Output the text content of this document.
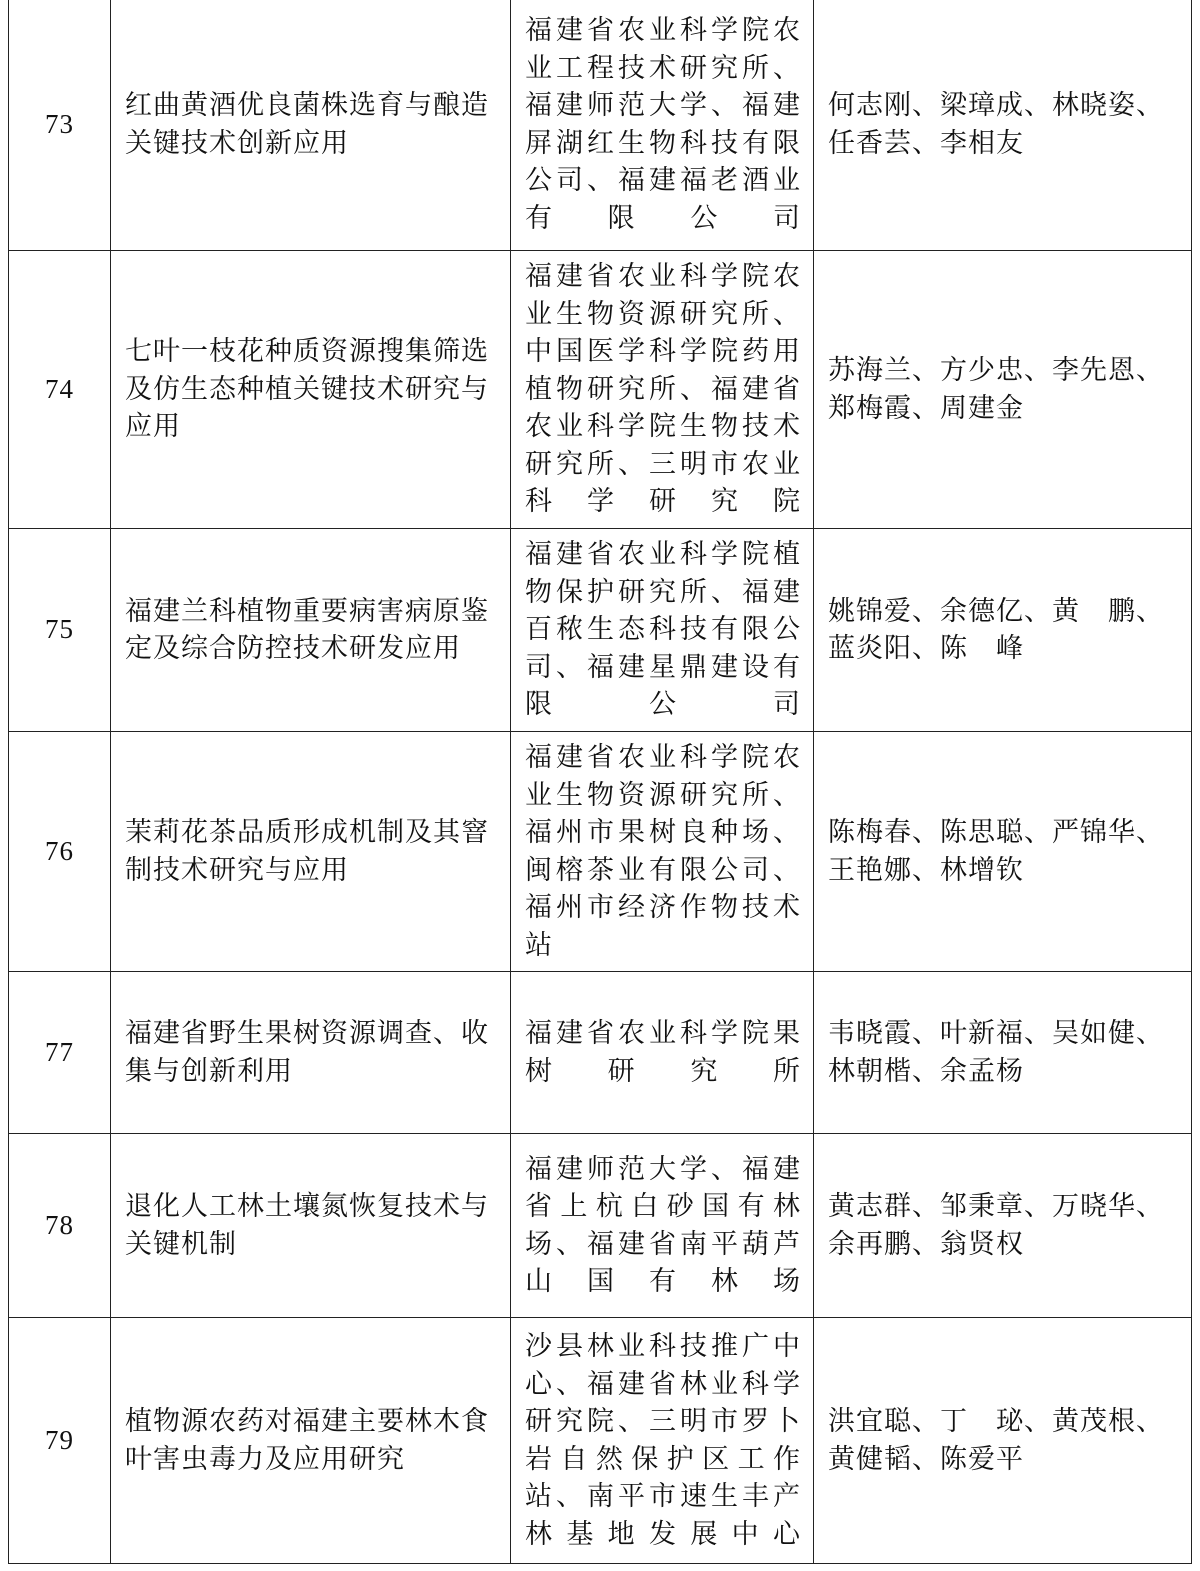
73	红曲黄酒优良菌株选育与酿造关键技术创新应用	福建省农业科学院农业工程技术研究所、福建师范大学、福建屏湖红生物科技有限公司、福建福老酒业有限公司	何志刚、梁璋成、林晓姿、任香芸、李相友
74	七叶一枝花种质资源搜集筛选及仿生态种植关键技术研究与应用	福建省农业科学院农业生物资源研究所、中国医学科学院药用植物研究所、福建省农业科学院生物技术研究所、三明市农业科学研究院	苏海兰、方少忠、李先恩、郑梅霞、周建金
75	福建兰科植物重要病害病原鉴定及综合防控技术研发应用	福建省农业科学院植物保护研究所、福建百秾生态科技有限公司、福建星鼎建设有限公司	姚锦爱、余德亿、黄　鹏、蓝炎阳、陈　峰
76	茉莉花茶品质形成机制及其窨制技术研究与应用	福建省农业科学院农业生物资源研究所、福州市果树良种场、闽榕茶业有限公司、福州市经济作物技术站	陈梅春、陈思聪、严锦华、王艳娜、林增钦
77	福建省野生果树资源调查、收集与创新利用	福建省农业科学院果树研究所	韦晓霞、叶新福、吴如健、林朝楷、余孟杨
78	退化人工林土壤氮恢复技术与关键机制	福建师范大学、福建省上杭白砂国有林场、福建省南平葫芦山国有林场	黄志群、邹秉章、万晓华、余再鹏、翁贤权
79	植物源农药对福建主要林木食叶害虫毒力及应用研究	沙县林业科技推广中心、福建省林业科学研究院、三明市罗卜岩自然保护区工作站、南平市速生丰产林基地发展中心	洪宜聪、丁　珌、黄茂根、黄健韬、陈爱平
